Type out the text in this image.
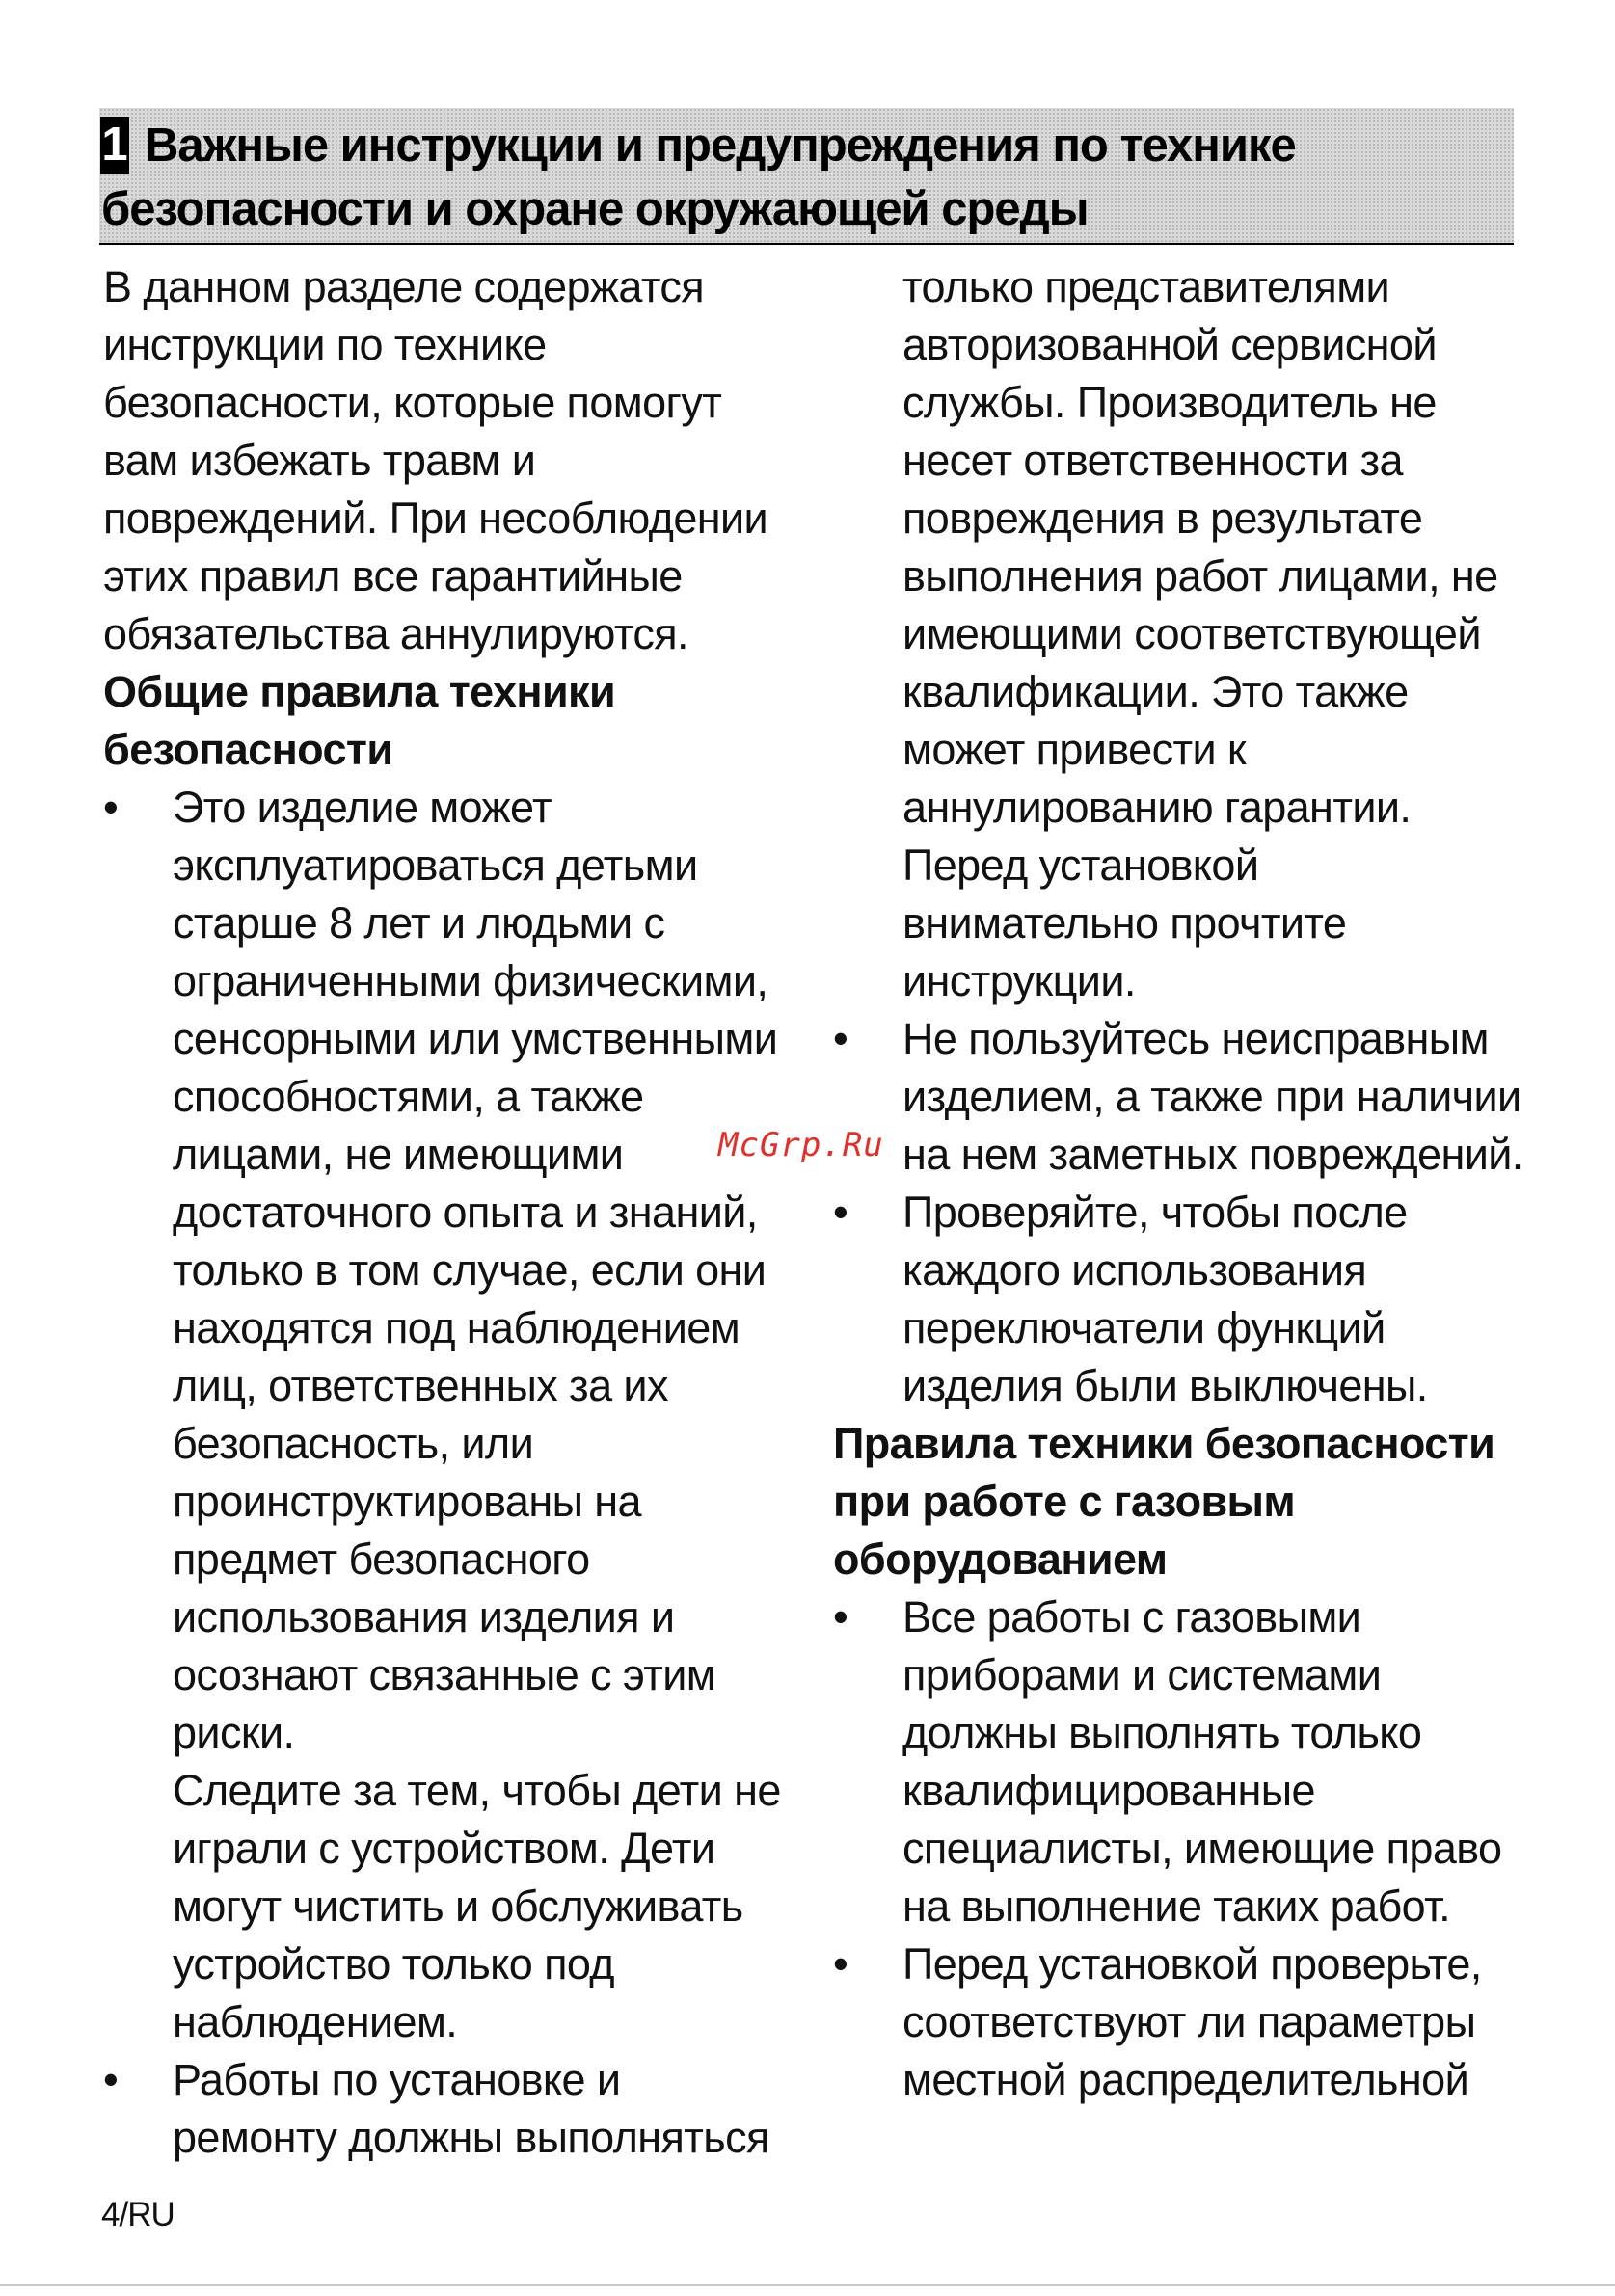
1 Важные инструкции и предупреждения по технике
безопасности и охране окружающей среды
В данном разделе содержатся
инструкции по технике
безопасности, которые помогут
вам избежать травм и
повреждений. При несоблюдении
этих правил все гарантийные
обязательства аннулируются.
Общие правила техники
безопасности
• Это изделие может
эксплуатироваться детьми
старше 8 лет и людьми с
ограниченными физическими,
сенсорными или умственными
способностями, а также
лицами, не имеющими
достаточного опыта и знаний,
только в том случае, если они
находятся под наблюдением
лиц, ответственных за их
безопасность, или
проинструктированы на
предмет безопасного
использования изделия и
осознают связанные с этим
риски.
Следите за тем, чтобы дети не
играли с устройством. Дети
могут чистить и обслуживать
устройство только под
наблюдением.
• Работы по установке и
ремонту должны выполняться
только представителями
авторизованной сервисной
службы. Производитель не
несет ответственности за
повреждения в результате
выполнения работ лицами, не
имеющими соответствующей
квалификации. Это также
может привести к
аннулированию гарантии.
Перед установкой
внимательно прочтите
инструкции.
• Не пользуйтесь неисправным
изделием, а также при наличии
на нем заметных повреждений.
• Проверяйте, чтобы после
каждого использования
переключатели функций
изделия были выключены.
Правила техники безопасности
при работе с газовым
оборудованием
• Все работы с газовыми
приборами и системами
должны выполнять только
квалифицированные
специалисты, имеющие право
на выполнение таких работ.
• Перед установкой проверьте,
соответствуют ли параметры
местной распределительной
McGrp.Ru
4/RU
